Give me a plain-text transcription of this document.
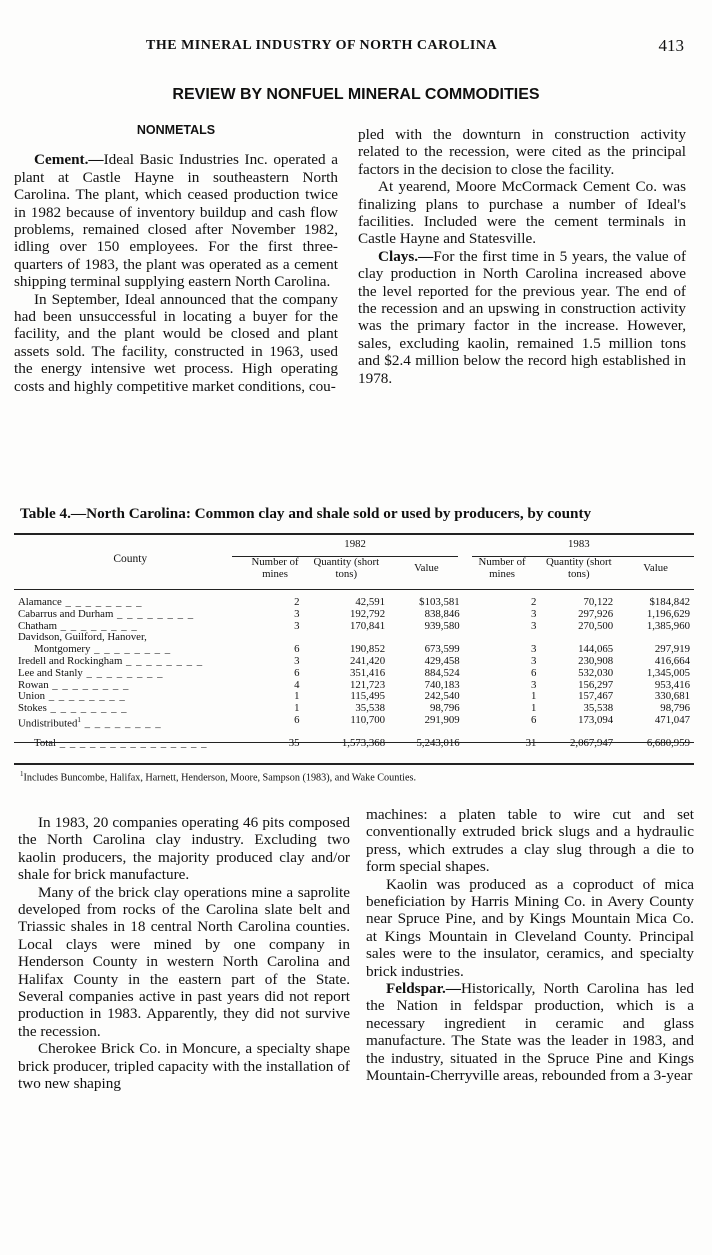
THE MINERAL INDUSTRY OF NORTH CAROLINA	413
REVIEW BY NONFUEL MINERAL COMMODITIES
NONMETALS

Cement.—Ideal Basic Industries Inc. operated a plant at Castle Hayne in southeastern North Carolina. The plant, which ceased production twice in 1982 because of inventory buildup and cash flow problems, remained closed after November 1982, idling over 150 employees. For the first three-quarters of 1983, the plant was operated as a cement shipping terminal supplying eastern North Carolina.

In September, Ideal announced that the company had been unsuccessful in locating a buyer for the facility, and the plant would be closed and plant assets sold. The facility, constructed in 1963, used the energy intensive wet process. High operating costs and highly competitive market conditions, cou-

pled with the downturn in construction activity related to the recession, were cited as the principal factors in the decision to close the facility.

At yearend, Moore McCormack Cement Co. was finalizing plans to purchase a number of Ideal's facilities. Included were the cement terminals in Castle Hayne and Statesville.

Clays.—For the first time in 5 years, the value of clay production in North Carolina increased above the level reported for the previous year. The end of the recession and an upswing in construction activity was the primary factor in the increase. However, sales, excluding kaolin, remained 1.5 million tons and $2.4 million below the record high established in 1978.

Table 4.—North Carolina: Common clay and shale sold or used by producers, by county
County	1982			1983		
	Number of mines	Quantity (short tons)	Value	Number of mines	Quantity (short tons)	Value
Alamance _ _ _ _ _ _ _ _	2	42,591	$103,581	2	70,122	$184,842
Cabarrus and Durham _ _ _ _ _ _ _ _	3	192,792	838,846	3	297,926	1,196,629
Chatham _ _ _ _ _ _ _ _	3	170,841	939,580	3	270,500	1,385,960
Davidson, Guilford, Hanover,						
Montgomery _ _ _ _ _ _ _ _	6	190,852	673,599	3	144,065	297,919
Iredell and Rockingham _ _ _ _ _ _ _ _	3	241,420	429,458	3	230,908	416,664
Lee and Stanly _ _ _ _ _ _ _ _	6	351,416	884,524	6	532,030	1,345,005
Rowan _ _ _ _ _ _ _ _	4	121,723	740,183	3	156,297	953,416
Union _ _ _ _ _ _ _ _	1	115,495	242,540	1	157,467	330,681
Stokes _ _ _ _ _ _ _ _	1	35,538	98,796	1	35,538	98,796
Undistributed$^1$ _ _ _ _ _ _ _ _	6	110,700	291,909	6	173,094	471,047

Total _ _ _ _ _ _ _ _ _ _ _ _ _ _ _	35	1,573,368	5,243,016	31	2,067,947	6,680,959
$^1$Includes Buncombe, Halifax, Harnett, Henderson, Moore, Sampson (1983), and Wake Counties.

In 1983, 20 companies operating 46 pits composed the North Carolina clay industry. Excluding two kaolin producers, the majority produced clay and/or shale for brick manufacture.

Many of the brick clay operations mine a saprolite developed from rocks of the Carolina slate belt and Triassic shales in 18 central North Carolina counties. Local clays were mined by one company in Henderson County in western North Carolina and Halifax County in the eastern part of the State. Several companies active in past years did not report production in 1983. Apparently, they did not survive the recession.

Cherokee Brick Co. in Moncure, a specialty shape brick producer, tripled capacity with the installation of two new shaping

machines: a platen table to wire cut and set conventionally extruded brick slugs and a hydraulic press, which extrudes a clay slug through a die to form special shapes.

Kaolin was produced as a coproduct of mica beneficiation by Harris Mining Co. in Avery County near Spruce Pine, and by Kings Mountain Mica Co. at Kings Mountain in Cleveland County. Principal sales were to the insulator, ceramics, and specialty brick industries.

Feldspar.—Historically, North Carolina has led the Nation in feldspar production, which is a necessary ingredient in ceramic and glass manufacture. The State was the leader in 1983, and the industry, situated in the Spruce Pine and Kings Mountain-Cherryville areas, rebounded from a 3-year
